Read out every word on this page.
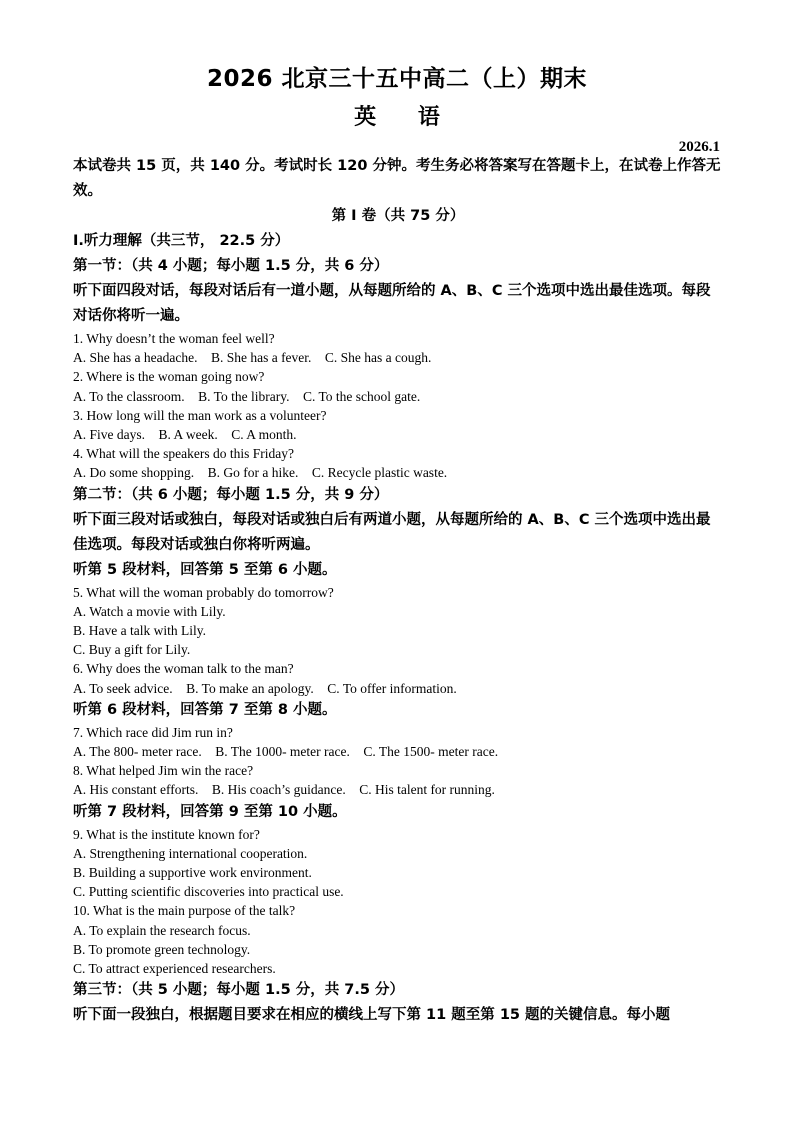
2026 北京三十五中高二（上）期末
英 语
2026.1

本试卷共 15 页，共 140 分。考试时长 120 分钟。考生务必将答案写在答题卡上，在试卷上作答无效。

第 I 卷（共 75 分）

I.听力理解（共三节， 22.5 分）

第一节：（共 4 小题；每小题 1.5 分，共 6 分）

听下面四段对话，每段对话后有一道小题，从每题所给的 A、B、C 三个选项中选出最佳选项。每段对话你将听一遍。

1. Why doesn’t the woman feel well?

A. She has a headache.    B. She has a fever.    C. She has a cough.

2. Where is the woman going now?

A. To the classroom.    B. To the library.    C. To the school gate.

3. How long will the man work as a volunteer?

A. Five days.    B. A week.    C. A month.

4. What will the speakers do this Friday?

A. Do some shopping.    B. Go for a hike.    C. Recycle plastic waste.

第二节：（共 6 小题；每小题 1.5 分，共 9 分）

听下面三段对话或独白，每段对话或独白后有两道小题，从每题所给的 A、B、C 三个选项中选出最佳选项。每段对话或独白你将听两遍。

听第 5 段材料，回答第 5 至第 6 小题。

5. What will the woman probably do tomorrow?

A. Watch a movie with Lily.

B. Have a talk with Lily.

C. Buy a gift for Lily.

6. Why does the woman talk to the man?

A. To seek advice.    B. To make an apology.    C. To offer information.

听第 6 段材料，回答第 7 至第 8 小题。

7. Which race did Jim run in?

A. The 800- meter race.    B. The 1000- meter race.    C. The 1500- meter race.

8. What helped Jim win the race?

A. His constant efforts.    B. His coach’s guidance.    C. His talent for running.

听第 7 段材料，回答第 9 至第 10 小题。

9. What is the institute known for?

A. Strengthening international cooperation.

B. Building a supportive work environment.

C. Putting scientific discoveries into practical use.

10. What is the main purpose of the talk?

A. To explain the research focus.

B. To promote green technology.

C. To attract experienced researchers.

第三节：（共 5 小题；每小题 1.5 分，共 7.5 分）

听下面一段独白，根据题目要求在相应的横线上写下第 11 题至第 15 题的关键信息。每小题
